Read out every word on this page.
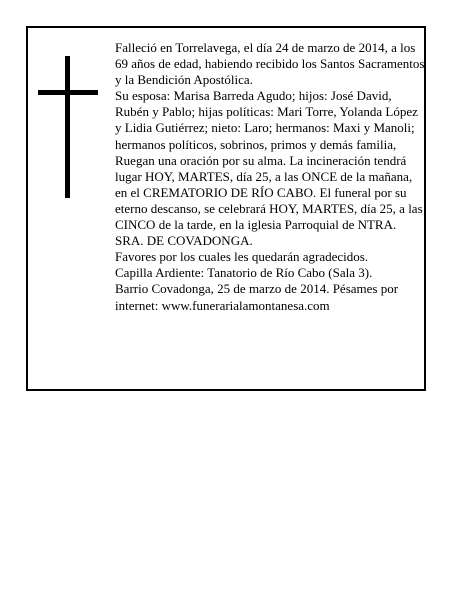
Falleció en Torrelavega, el día 24 de marzo de 2014, a los 69 años de edad, habiendo recibido los Santos Sacramentos y la Bendición Apostólica.

Su esposa: Marisa Barreda Agudo; hijos: José David, Rubén y Pablo; hijas políticas: Mari Torre, Yolanda López y Lidia Gutiérrez; nieto: Laro; hermanos: Maxi y Manoli; hermanos políticos, sobrinos, primos y demás familia,

Ruegan una oración por su alma. La incineración tendrá lugar HOY, MARTES, día 25, a las ONCE de la mañana, en el CREMATORIO DE RÍO CABO. El funeral por su eterno descanso, se celebrará HOY, MARTES, día 25, a las CINCO de la tarde, en la iglesia Parroquial de NTRA. SRA. DE COVADONGA.

Favores por los cuales les quedarán agradecidos.

Capilla Ardiente: Tanatorio de Río Cabo (Sala 3).

Barrio Covadonga, 25 de marzo de 2014. Pésames por internet: www.funerarialamontanesa.com
